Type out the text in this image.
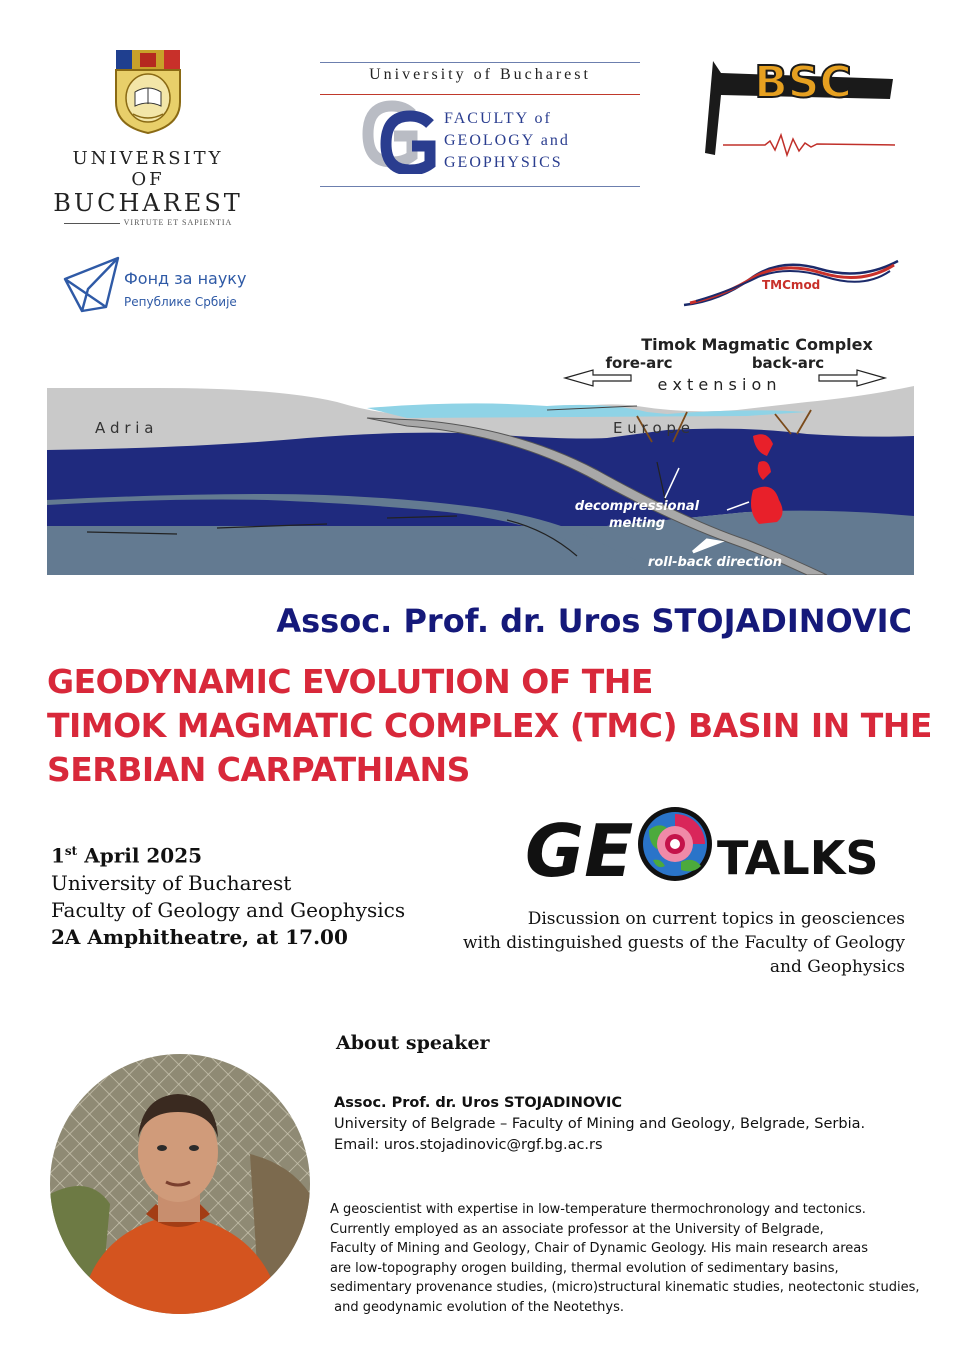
UNIVERSITY OF
BUCHAREST
VIRTUTE ET SAPIENTIA
University of Bucharest
FACULTY of
GEOLOGY and
GEOPHYSICS
BSC
Bucharest Student Chapter
Фонд за науку
Републике Србије
TMCmod
Timok Magmatic Complex
fore-arc	back-arc
e x t e n s i o n
A d r i a	E u r o p e
decompressional
melting
roll-back direction
Assoc. Prof. dr. Uros STOJADINOVIC
GEODYNAMIC EVOLUTION OF THE
TIMOK MAGMATIC COMPLEX (TMC) BASIN IN THE
SERBIAN CARPATHIANS
1st April 2025
University of Bucharest
Faculty of Geology and Geophysics
2A Amphitheatre, at 17.00
GE TALKS
Discussion on current topics in geosciences
with distinguished guests of the Faculty of Geology
and Geophysics
About speaker
Assoc. Prof. dr. Uros STOJADINOVIC
University of Belgrade – Faculty of Mining and Geology, Belgrade, Serbia.
Email: uros.stojadinovic@rgf.bg.ac.rs
A geoscientist with expertise in low-temperature thermochronology and tectonics.
Currently employed as an associate professor at the University of Belgrade,
Faculty of Mining and Geology, Chair of Dynamic Geology. His main research areas
are low-topography orogen building, thermal evolution of sedimentary basins,
sedimentary provenance studies, (micro)structural kinematic studies, neotectonic studies,
and geodynamic evolution of the Neotethys.
